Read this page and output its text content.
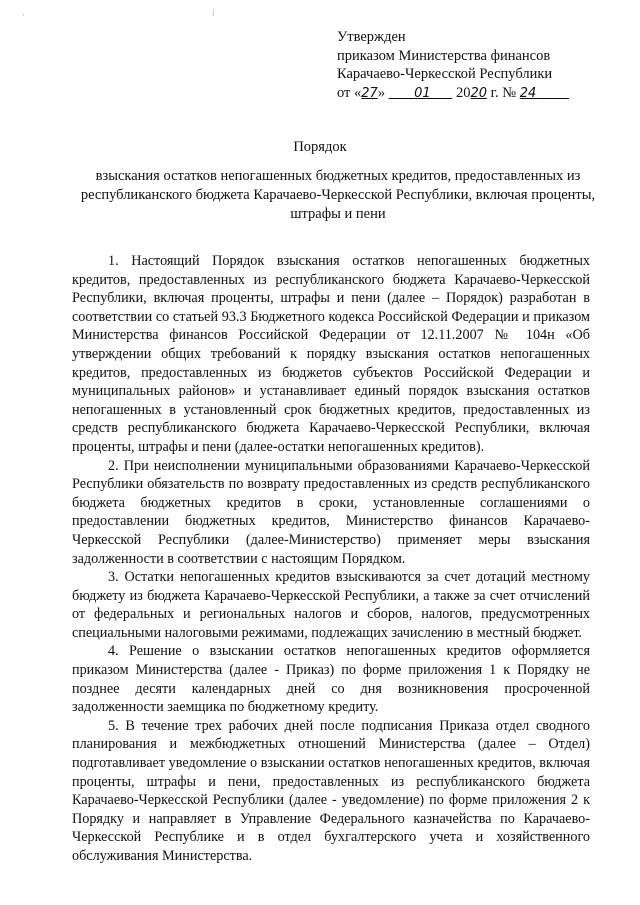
·	⁞
Утвержден
приказом Министерства финансов
Карачаево-Черкесской Республики
от «27»        01       2020 г. № 24
Порядок
взыскания остатков непогашенных бюджетных кредитов, предоставленных из республиканского бюджета Карачаево-Черкесской Республики, включая проценты, штрафы и пени

1. Настоящий Порядок взыскания остатков непогашенных бюджетных кредитов, предоставленных из республиканского бюджета Карачаево-Черкесской Республики, включая проценты, штрафы и пени (далее – Порядок) разработан в соответствии со статьей 93.3 Бюджетного кодекса Российской Федерации и приказом Министерства финансов Российской Федерации от 12.11.2007 № 104н «Об утверждении общих требований к порядку взыскания остатков непогашенных кредитов, предоставленных из бюджетов субъектов Российской Федерации и муниципальных районов» и устанавливает единый порядок взыскания остатков непогашенных в установленный срок бюджетных кредитов, предоставленных из средств республиканского бюджета Карачаево-Черкесской Республики, включая проценты, штрафы и пени (далее-остатки непогашенных кредитов).

2. При неисполнении муниципальными образованиями Карачаево-Черкесской Республики обязательств по возврату предоставленных из средств республиканского бюджета бюджетных кредитов в сроки, установленные соглашениями о предоставлении бюджетных кредитов, Министерство финансов Карачаево-Черкесской Республики (далее-Министерство) применяет меры взыскания задолженности в соответствии с настоящим Порядком.

3. Остатки непогашенных кредитов взыскиваются за счет дотаций местному бюджету из бюджета Карачаево-Черкесской Республики, а также за счет отчислений от федеральных и региональных налогов и сборов, налогов, предусмотренных специальными налоговыми режимами, подлежащих зачислению в местный бюджет.

4. Решение о взыскании остатков непогашенных кредитов оформляется приказом Министерства (далее - Приказ) по форме приложения 1 к Порядку не позднее десяти календарных дней со дня возникновения просроченной задолженности заемщика по бюджетному кредиту.

5. В течение трех рабочих дней после подписания Приказа отдел сводного планирования и межбюджетных отношений Министерства (далее – Отдел) подготавливает уведомление о взыскании остатков непогашенных кредитов, включая проценты, штрафы и пени, предоставленных из республиканского бюджета Карачаево-Черкесской Республики (далее - уведомление) по форме приложения 2 к Порядку и направляет в Управление Федерального казначейства по Карачаево-Черкесской Республике и в отдел бухгалтерского учета и хозяйственного обслуживания Министерства.
